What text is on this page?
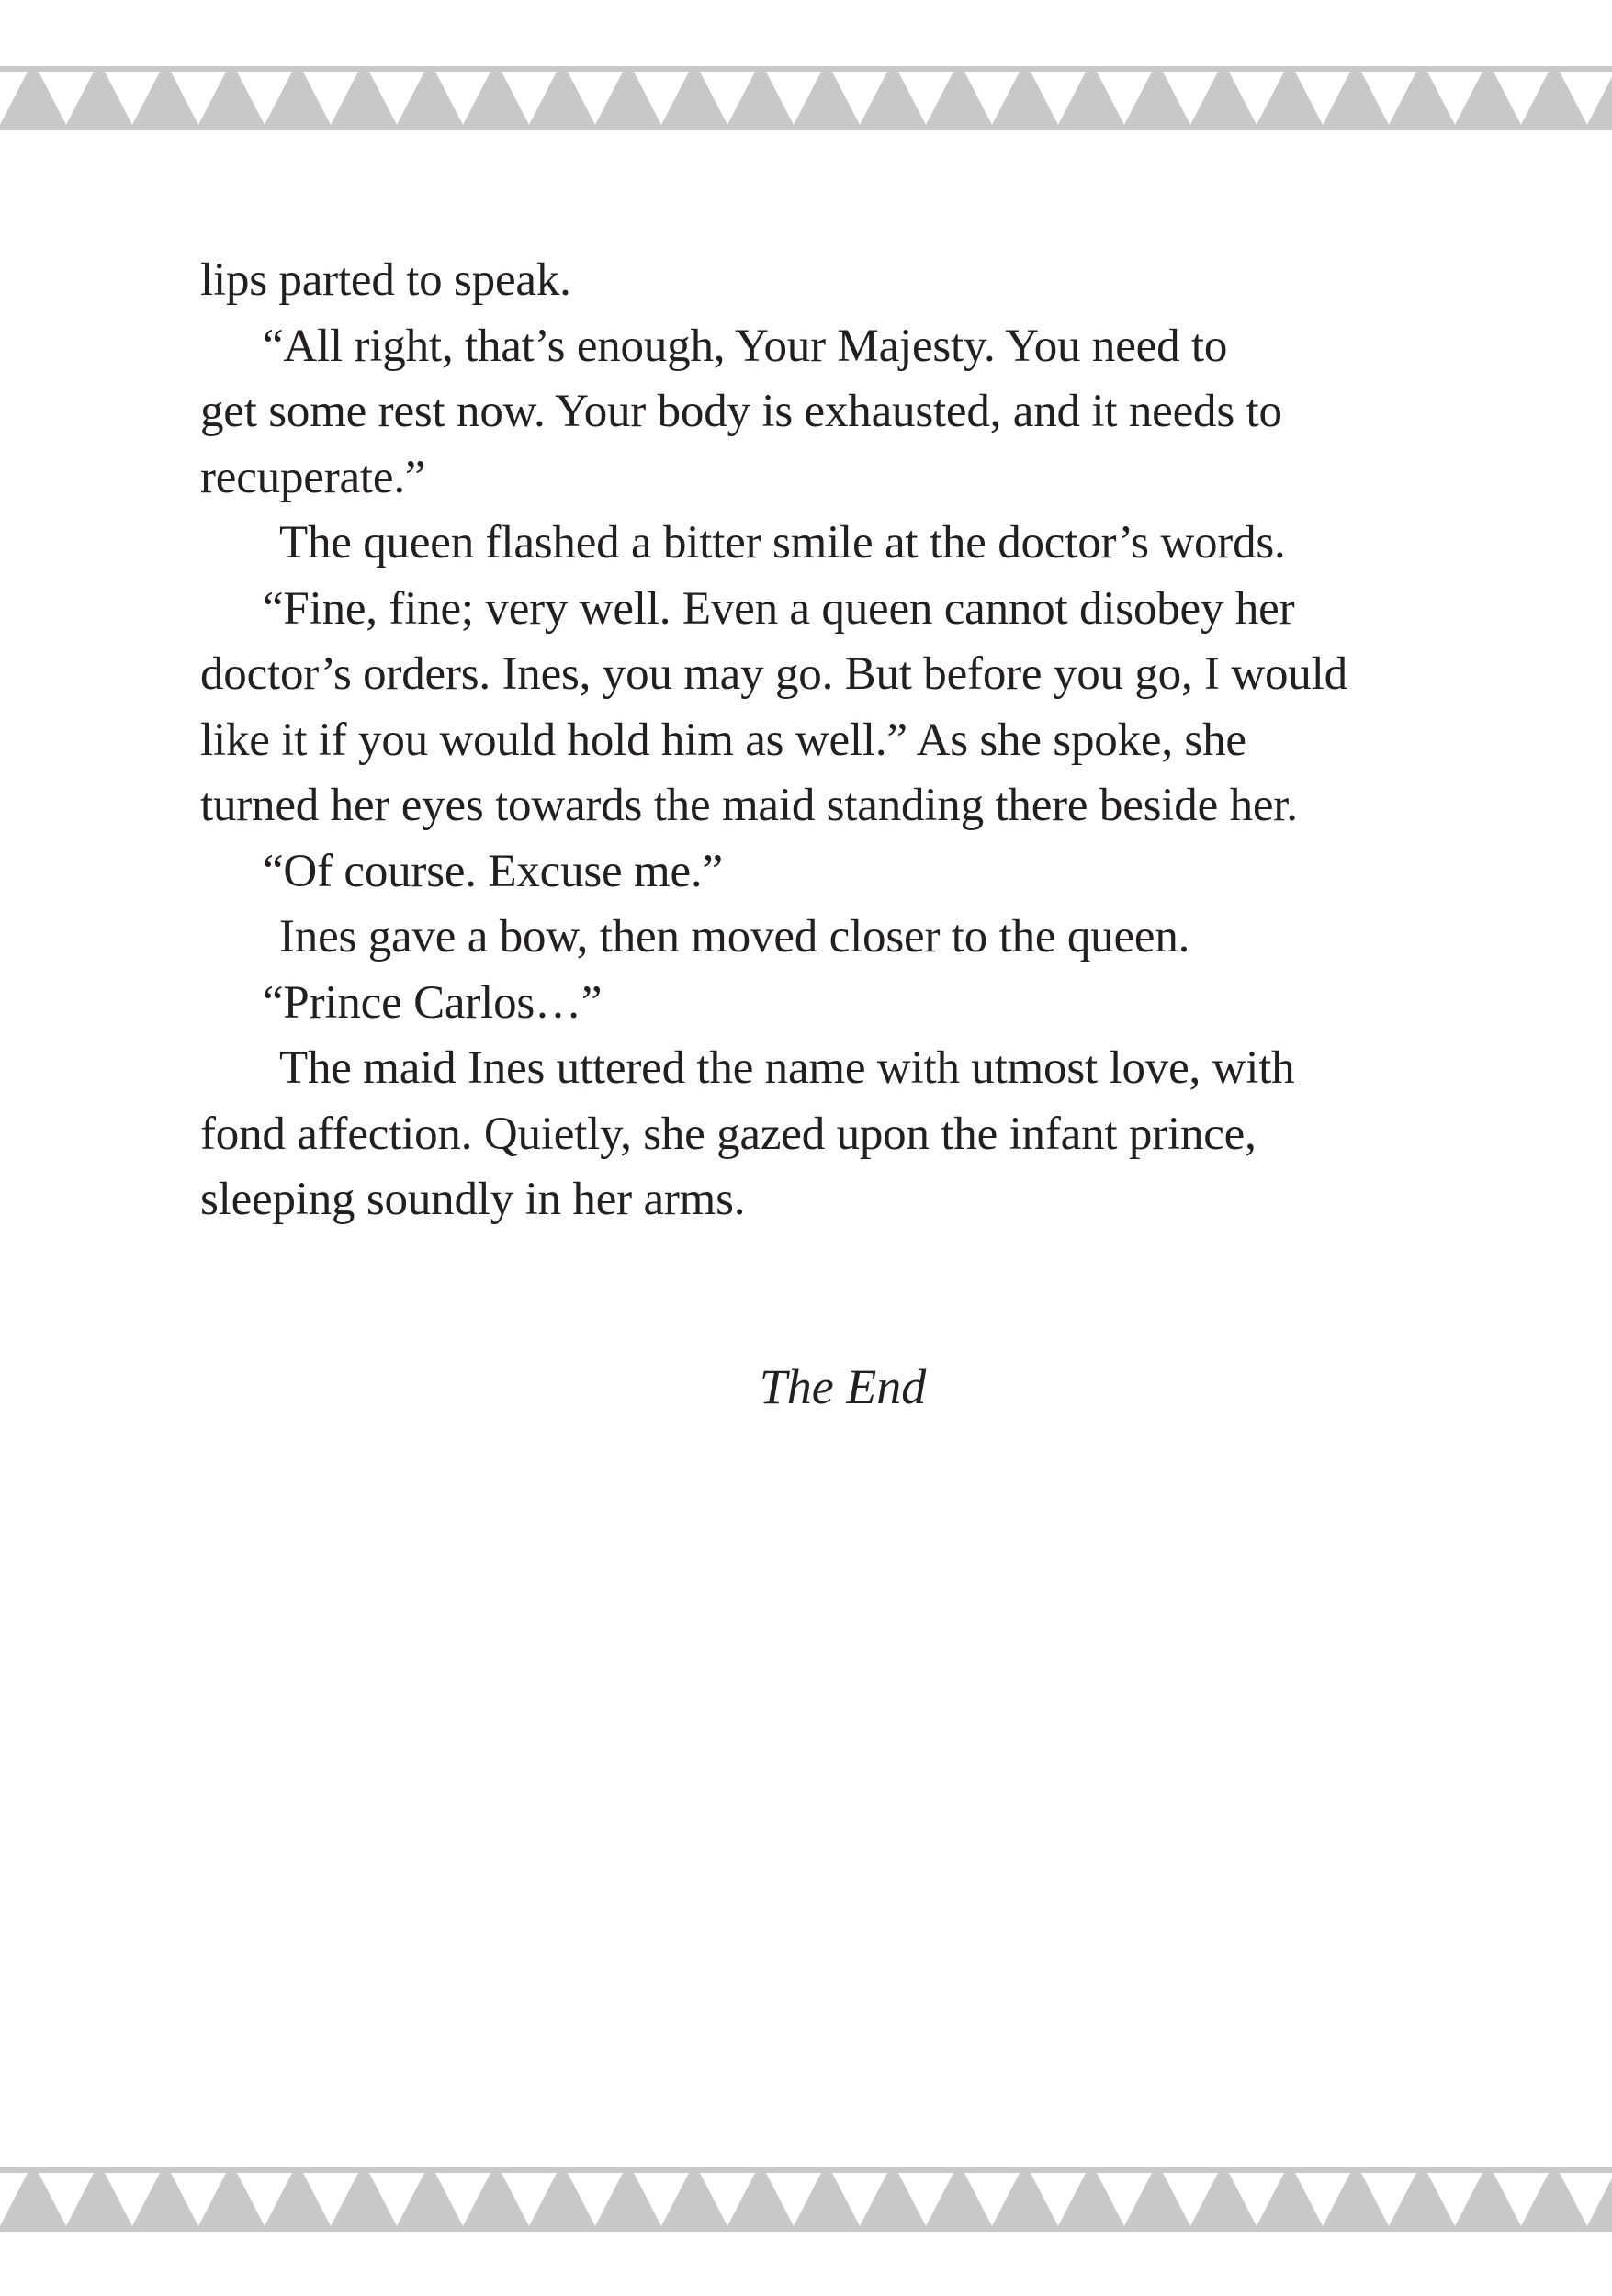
lips parted to speak.
“All right, that’s enough, Your Majesty. You need to
get some rest now. Your body is exhausted, and it needs to
recuperate.”
The queen flashed a bitter smile at the doctor’s words.
“Fine, fine; very well. Even a queen cannot disobey her
doctor’s orders. Ines, you may go. But before you go, I would
like it if you would hold him as well.” As she spoke, she
turned her eyes towards the maid standing there beside her.
“Of course. Excuse me.”
Ines gave a bow, then moved closer to the queen.
“Prince Carlos…”
The maid Ines uttered the name with utmost love, with
fond affection. Quietly, she gazed upon the infant prince,
sleeping soundly in her arms.
The End
